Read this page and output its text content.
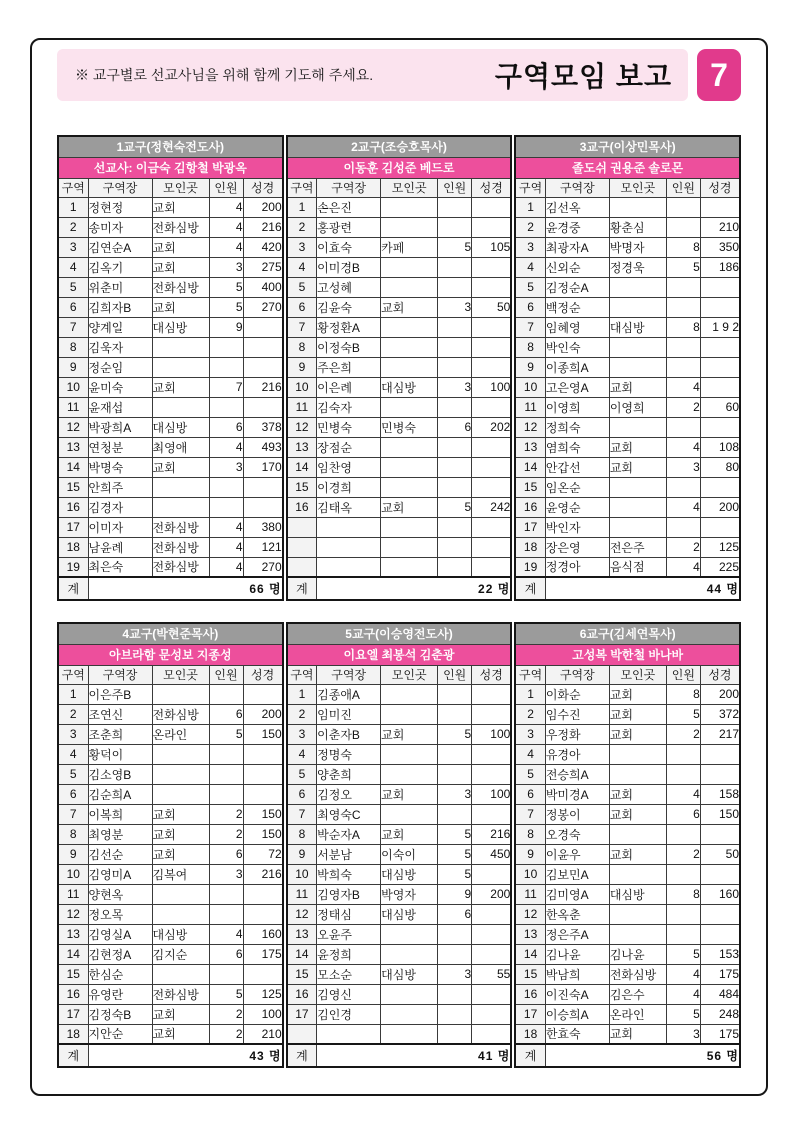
※ 교구별로 선교사님을 위해 함께 기도해 주세요.	구역모임 보고	7
1교구(정현숙전도사)				
선교사: 이금숙 김항철 박광옥				
구역	구역장	모인곳	인원	성경
1	정현정	교회	4	200
2	송미자	전화심방	4	216
3	김연순A	교회	4	420
4	김옥기	교회	3	275
5	위춘미	전화심방	5	400
6	김희자B	교회	5	270
7	양계일	대심방	9	
8	김욱자			
9	정순임			
10	윤미숙	교회	7	216
11	윤재섭			
12	박광희A	대심방	6	378
13	연청분	최영애	4	493
14	박명숙	교회	3	170
15	안희주			
16	김경자			
17	이미자	전화심방	4	380
18	남윤례	전화심방	4	121
19	최은숙	전화심방	4	270
계	66 명			
2교구(조승호목사)				
이동훈 김성준 베드로				
구역	구역장	모인곳	인원	성경
1	손은진			
2	홍광련			
3	이효숙	카페	5	105
4	이미경B			
5	고성혜			
6	김윤숙	교회	3	50
7	황정환A			
8	이정숙B			
9	주은희			
10	이은례	대심방	3	100
11	김숙자			
12	민병숙	민병숙	6	202
13	장점순			
14	임찬영			
15	이경희			
16	김태옥	교회	5	242

계	22 명			
3교구(이상민목사)				
졸도쉬 권용준 솔로몬				
구역	구역장	모인곳	인원	성경
1	김선옥			
2	윤경중	황춘심		210
3	최광자A	박명자	8	350
4	신외순	정경욱	5	186
5	김정순A			
6	백정순			
7	임혜영	대심방	8	1 9 2
8	박인숙			
9	이종희A			
10	고은영A	교회	4	
11	이영희	이영희	2	60
12	정희숙			
13	염희숙	교회	4	108
14	안갑선	교회	3	80
15	임온순			
16	윤영순		4	200
17	박인자			
18	장은영	전은주	2	125
19	정경아	음식점	4	225
계	44 명			
4교구(박현준목사)				
아브라함 문성보 지종성				
구역	구역장	모인곳	인원	성경
1	이은주B			
2	조연신	전화심방	6	200
3	조춘희	온라인	5	150
4	황덕이			
5	김소영B			
6	김순희A			
7	이복희	교회	2	150
8	최영분	교회	2	150
9	김선순	교회	6	72
10	김영미A	김복여	3	216
11	양현옥			
12	정오목			
13	김영실A	대심방	4	160
14	김현정A	김지순	6	175
15	한심순			
16	유영란	전화심방	5	125
17	김정숙B	교회	2	100
18	지안순	교회	2	210
계	43 명			
5교구(이승영전도사)				
이요엘 최봉석 김춘광				
구역	구역장	모인곳	인원	성경
1	김종애A			
2	임미진			
3	이춘자B	교회	5	100
4	정명숙			
5	양춘희			
6	김정오	교회	3	100
7	최영숙C			
8	박순자A	교회	5	216
9	서분남	이숙이	5	450
10	박희숙	대심방	5	
11	김영자B	박영자	9	200
12	정태심	대심방	6	
13	오윤주			
14	윤정희			
15	모소순	대심방	3	55
16	김영신			
17	김인경			

계	41 명			
6교구(김세연목사)				
고성복 박한철 바나바				
구역	구역장	모인곳	인원	성경
1	이화순	교회	8	200
2	임수진	교회	5	372
3	우정화	교회	2	217
4	유경아			
5	전승희A			
6	박미경A	교회	4	158
7	정봉이	교회	6	150
8	오경숙			
9	이윤우	교회	2	50
10	김보민A			
11	김미영A	대심방	8	160
12	한옥춘			
13	정은주A			
14	김나윤	김나윤	5	153
15	박남희	전화심방	4	175
16	이진숙A	김은수	4	484
17	이승희A	온라인	5	248
18	한효숙	교회	3	175
계	56 명			
